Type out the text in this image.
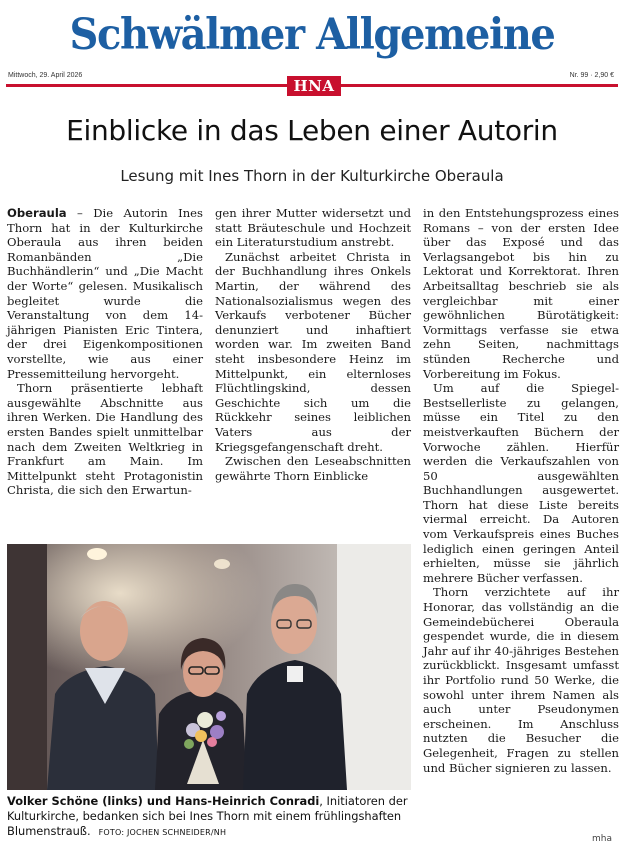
Schwälmer Allgemeine
Mittwoch, 29. April 2026	Nr. 99 · 2,90 €
HNA
Einblicke in das Leben einer Autorin
Lesung mit Ines Thorn in der Kulturkirche Oberaula

Oberaula – Die Autorin Ines Thorn hat in der Kulturkirche Oberaula aus ihren beiden Romanbänden „Die Buchhändlerin“ und „Die Macht der Worte“ gelesen. Musikalisch begleitet wurde die Veranstaltung von dem 14-jährigen Pianisten Eric Tintera, der drei Eigenkompositionen vorstellte, wie aus einer Pressemitteilung hervorgeht.

Thorn präsentierte lebhaft ausgewählte Abschnitte aus ihren Werken. Die Handlung des ersten Bandes spielt unmittelbar nach dem Zweiten Weltkrieg in Frankfurt am Main. Im Mittelpunkt steht Protagonistin Christa, die sich den Erwartun-

gen ihrer Mutter widersetzt und statt Bräuteschule und Hochzeit ein Literaturstudium anstrebt.

Zunächst arbeitet Christa in der Buchhandlung ihres Onkels Martin, der während des Nationalsozialismus wegen des Verkaufs verbotener Bücher denunziert und inhaftiert worden war. Im zweiten Band steht insbesondere Heinz im Mittelpunkt, ein elternloses Flüchtlingskind, dessen Geschichte sich um die Rückkehr seines leiblichen Vaters aus der Kriegsgefangenschaft dreht.

Zwischen den Leseabschnitten gewährte Thorn Einblicke

in den Entstehungsprozess eines Romans – von der ersten Idee über das Exposé und das Verlagsangebot bis hin zu Lektorat und Korrektorat. Ihren Arbeitsalltag beschrieb sie als vergleichbar mit einer gewöhnlichen Bürotätigkeit: Vormittags verfasse sie etwa zehn Seiten, nachmittags stünden Recherche und Vorbereitung im Fokus.

Um auf die Spiegel-Bestsellerliste zu gelangen, müsse ein Titel zu den meistverkauften Büchern der Vorwoche zählen. Hierfür werden die Verkaufszahlen von 50 ausgewählten Buchhandlungen ausgewertet. Thorn hat diese Liste bereits viermal erreicht. Da Autoren vom Verkaufspreis eines Buches lediglich einen geringen Anteil erhielten, müsse sie jährlich mehrere Bücher verfassen.

Thorn verzichtete auf ihr Honorar, das vollständig an die Gemeindebücherei Oberaula gespendet wurde, die in diesem Jahr auf ihr 40-jähriges Bestehen zurückblickt. Insgesamt umfasst ihr Portfolio rund 50 Werke, die sowohl unter ihrem Namen als auch unter Pseudonymen erscheinen. Im Anschluss nutzten die Besucher die Gelegenheit, Fragen zu stellen und Bücher signieren zu lassen.

Volker Schöne (links) und Hans-Heinrich Conradi, Initiatoren der Kulturkirche, bedanken sich bei Ines Thorn mit einem frühlingshaften Blumenstrauß. FOTO: JOCHEN SCHNEIDER/NH
mha
